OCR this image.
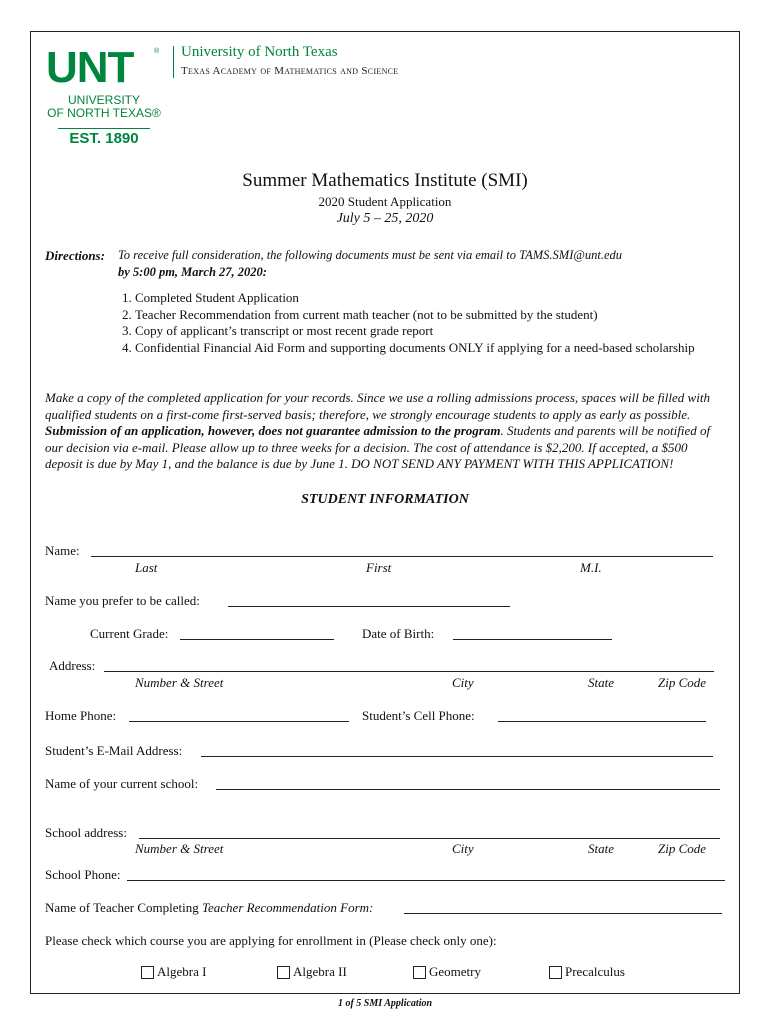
UNT	®
UNIVERSITY
OF NORTH TEXAS®
EST. 1890
University of North Texas
Texas Academy of Mathematics and Science
Summer Mathematics Institute (SMI)
2020 Student Application
July 5 – 25, 2020
Directions: To receive full consideration, the following documents must be sent via email to TAMS.SMI@unt.edu
by 5:00 pm, March 27, 2020:
1. Completed Student Application
2. Teacher Recommendation from current math teacher (not to be submitted by the student)
3. Copy of applicant’s transcript or most recent grade report
4. Confidential Financial Aid Form and supporting documents ONLY if applying for a need-based scholarship
Make a copy of the completed application for your records. Since we use a rolling admissions process, spaces will be filled with qualified students on a first-come first-served basis; therefore, we strongly encourage students to apply as early as possible. Submission of an application, however, does not guarantee admission to the program. Students and parents will be notified of our decision via e-mail. Please allow up to three weeks for a decision. The cost of attendance is $2,200. If accepted, a $500 deposit is due by May 1, and the balance is due by June 1. DO NOT SEND ANY PAYMENT WITH THIS APPLICATION!
STUDENT INFORMATION
Name:
Last	First	M.I.
Name you prefer to be called:
Current Grade:	Date of Birth:
Address:
Number & Street	City	State	Zip Code
Home Phone:	Student’s Cell Phone:
Student’s E-Mail Address:
Name of your current school:
School address:
Number & Street	City	State	Zip Code
School Phone:
Name of Teacher Completing Teacher Recommendation Form:
Please check which course you are applying for enrollment in (Please check only one):
Algebra I	Algebra II	Geometry	Precalculus
1 of 5 SMI Application
